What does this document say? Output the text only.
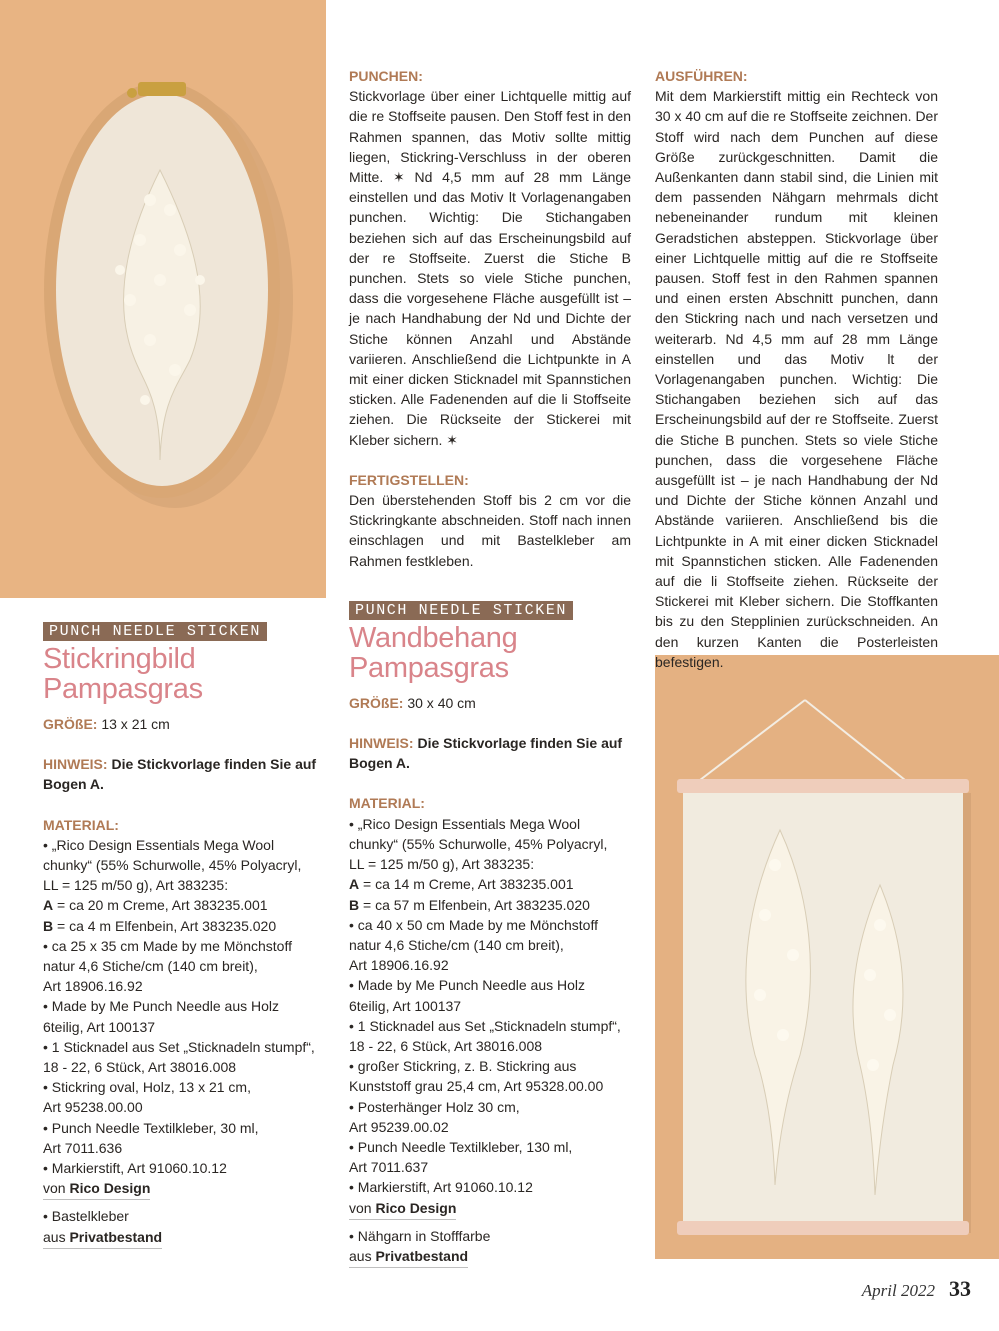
PUNCH NEEDLE STICKEN
Stickringbild
Pampasgras
GRÖßE: 13 x 21 cm
HINWEIS: Die Stickvorlage finden Sie auf
Bogen A.
MATERIAL:
• „Rico Design Essentials Mega Wool
chunky“ (55% Schurwolle, 45% Polyacryl,
LL = 125 m/50 g), Art 383235:
A = ca 20 m Creme, Art 383235.001
B = ca 4 m Elfenbein, Art 383235.020
• ca 25 x 35 cm Made by me Mönchstoff
natur 4,6 Stiche/cm (140 cm breit),
Art 18906.16.92
• Made by Me Punch Needle aus Holz
6teilig, Art 100137
• 1 Sticknadel aus Set „Sticknadeln stumpf“,
18 - 22, 6 Stück, Art 38016.008
• Stickring oval, Holz, 13 x 21 cm,
Art 95238.00.00
• Punch Needle Textilkleber, 30 ml,
Art 7011.636
• Markierstift, Art 91060.10.12
von Rico Design
• Bastelkleber
aus Privatbestand
PUNCHEN:
Stickvorlage über einer Lichtquelle mittig auf die re Stoffseite pausen. Den Stoff fest in den Rahmen spannen, das Motiv sollte mittig liegen, Stickring-Verschluss in der oberen Mitte. ✶ Nd 4,5 mm auf 28 mm Länge einstellen und das Motiv lt Vorlagenangaben punchen. Wichtig: Die Stichangaben beziehen sich auf das Erscheinungsbild auf der re Stoffseite. Zuerst die Stiche B punchen. Stets so viele Stiche punchen, dass die vorgesehene Fläche ausgefüllt ist – je nach Handhabung der Nd und Dichte der Stiche können Anzahl und Abstände variieren. Anschließend die Lichtpunkte in A mit einer dicken Sticknadel mit Spannstichen sticken. Alle Fadenenden auf die li Stoffseite ziehen. Die Rückseite der Stickerei mit Kleber sichern. ✶
FERTIGSTELLEN:
Den überstehenden Stoff bis 2 cm vor die Stickringkante abschneiden. Stoff nach innen einschlagen und mit Bastelkleber am Rahmen festkleben.
PUNCH NEEDLE STICKEN
Wandbehang
Pampasgras
GRÖßE: 30 x 40 cm
HINWEIS: Die Stickvorlage finden Sie auf
Bogen A.
MATERIAL:
• „Rico Design Essentials Mega Wool
chunky“ (55% Schurwolle, 45% Polyacryl,
LL = 125 m/50 g), Art 383235:
A = ca 14 m Creme, Art 383235.001
B = ca 57 m Elfenbein, Art 383235.020
• ca 40 x 50 cm Made by me Mönchstoff
natur 4,6 Stiche/cm (140 cm breit),
Art 18906.16.92
• Made by Me Punch Needle aus Holz
6teilig, Art 100137
• 1 Sticknadel aus Set „Sticknadeln stumpf“,
18 - 22, 6 Stück, Art 38016.008
• großer Stickring, z. B. Stickring aus
Kunststoff grau 25,4 cm, Art 95328.00.00
• Posterhänger Holz 30 cm,
Art 95239.00.02
• Punch Needle Textilkleber, 130 ml,
Art 7011.637
• Markierstift, Art 91060.10.12
von Rico Design
• Nähgarn in Stofffarbe
aus Privatbestand
AUSFÜHREN:
Mit dem Markierstift mittig ein Rechteck von 30 x 40 cm auf die re Stoffseite zeichnen. Der Stoff wird nach dem Punchen auf diese Größe zurückgeschnitten. Damit die Außenkanten dann stabil sind, die Linien mit dem passenden Nähgarn mehrmals dicht nebeneinander rundum mit kleinen Geradstichen absteppen. Stickvorlage über einer Lichtquelle mittig auf die re Stoffseite pausen. Stoff fest in den Rahmen spannen und einen ersten Abschnitt punchen, dann den Stickring nach und nach versetzen und weiterarb. Nd 4,5 mm auf 28 mm Länge einstellen und das Motiv lt der Vorlagenangaben punchen. Wichtig: Die Stichangaben beziehen sich auf das Erscheinungsbild auf der re Stoffseite. Zuerst die Stiche B punchen. Stets so viele Stiche punchen, dass die vorgesehene Fläche ausgefüllt ist – je nach Handhabung der Nd und Dichte der Stiche können Anzahl und Abstände variieren. Anschließend bis die Lichtpunkte in A mit einer dicken Sticknadel mit Spannstichen sticken. Alle Fadenenden auf die li Stoffseite ziehen. Rückseite der Stickerei mit Kleber sichern. Die Stoffkanten bis zu den Stepplinien zurückschneiden. An den kurzen Kanten die Posterleisten befestigen.
April 2022 33
